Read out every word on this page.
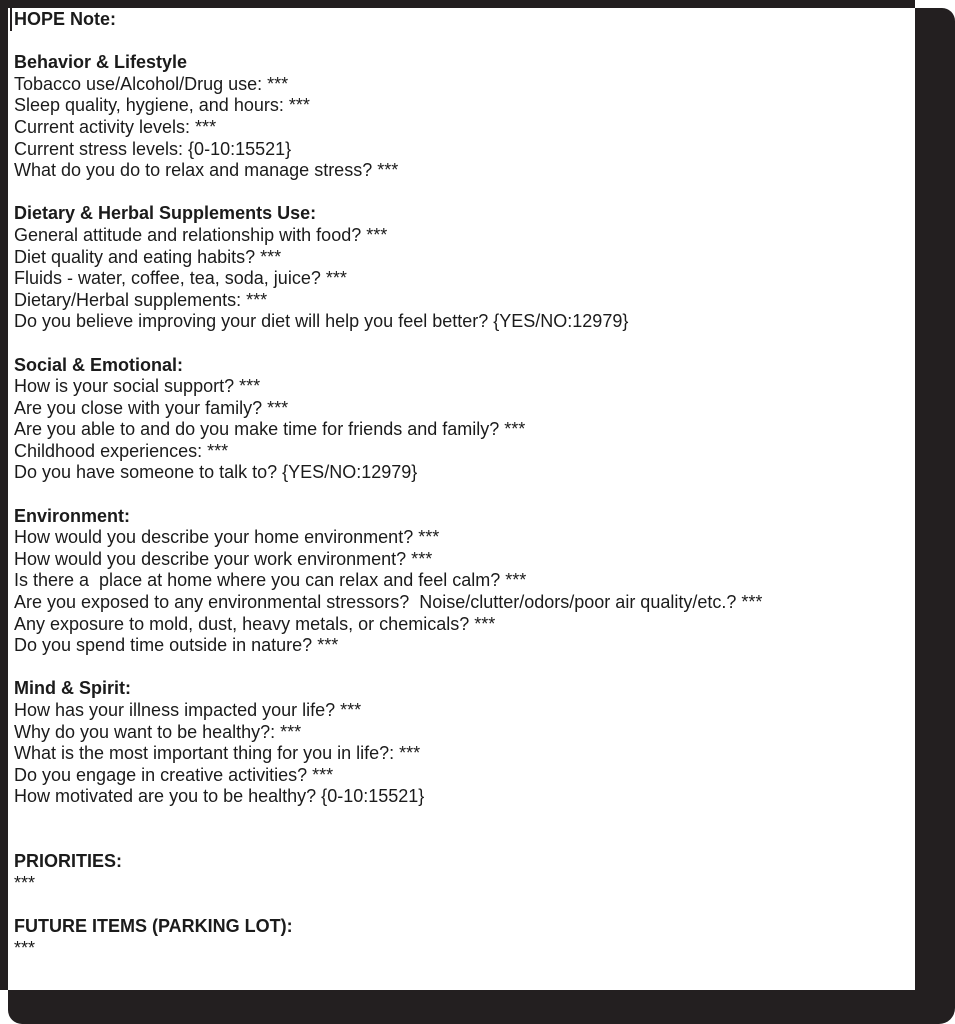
HOPE Note:
Behavior & Lifestyle
Tobacco use/Alcohol/Drug use: ***
Sleep quality, hygiene, and hours: ***
Current activity levels: ***
Current stress levels: {0-10:15521}
What do you do to relax and manage stress? ***
Dietary & Herbal Supplements Use:
General attitude and relationship with food? ***
Diet quality and eating habits? ***
Fluids - water, coffee, tea, soda, juice? ***
Dietary/Herbal supplements: ***
Do you believe improving your diet will help you feel better? {YES/NO:12979}
Social & Emotional:
How is your social support? ***
Are you close with your family? ***
Are you able to and do you make time for friends and family? ***
Childhood experiences: ***
Do you have someone to talk to? {YES/NO:12979}
Environment:
How would you describe your home environment? ***
How would you describe your work environment? ***
Is there a  place at home where you can relax and feel calm? ***
Are you exposed to any environmental stressors?  Noise/clutter/odors/poor air quality/etc.? ***
Any exposure to mold, dust, heavy metals, or chemicals? ***
Do you spend time outside in nature? ***
Mind & Spirit:
How has your illness impacted your life? ***
Why do you want to be healthy?: ***
What is the most important thing for you in life?: ***
Do you engage in creative activities? ***
How motivated are you to be healthy? {0-10:15521}
PRIORITIES:
***
FUTURE ITEMS (PARKING LOT):
***
